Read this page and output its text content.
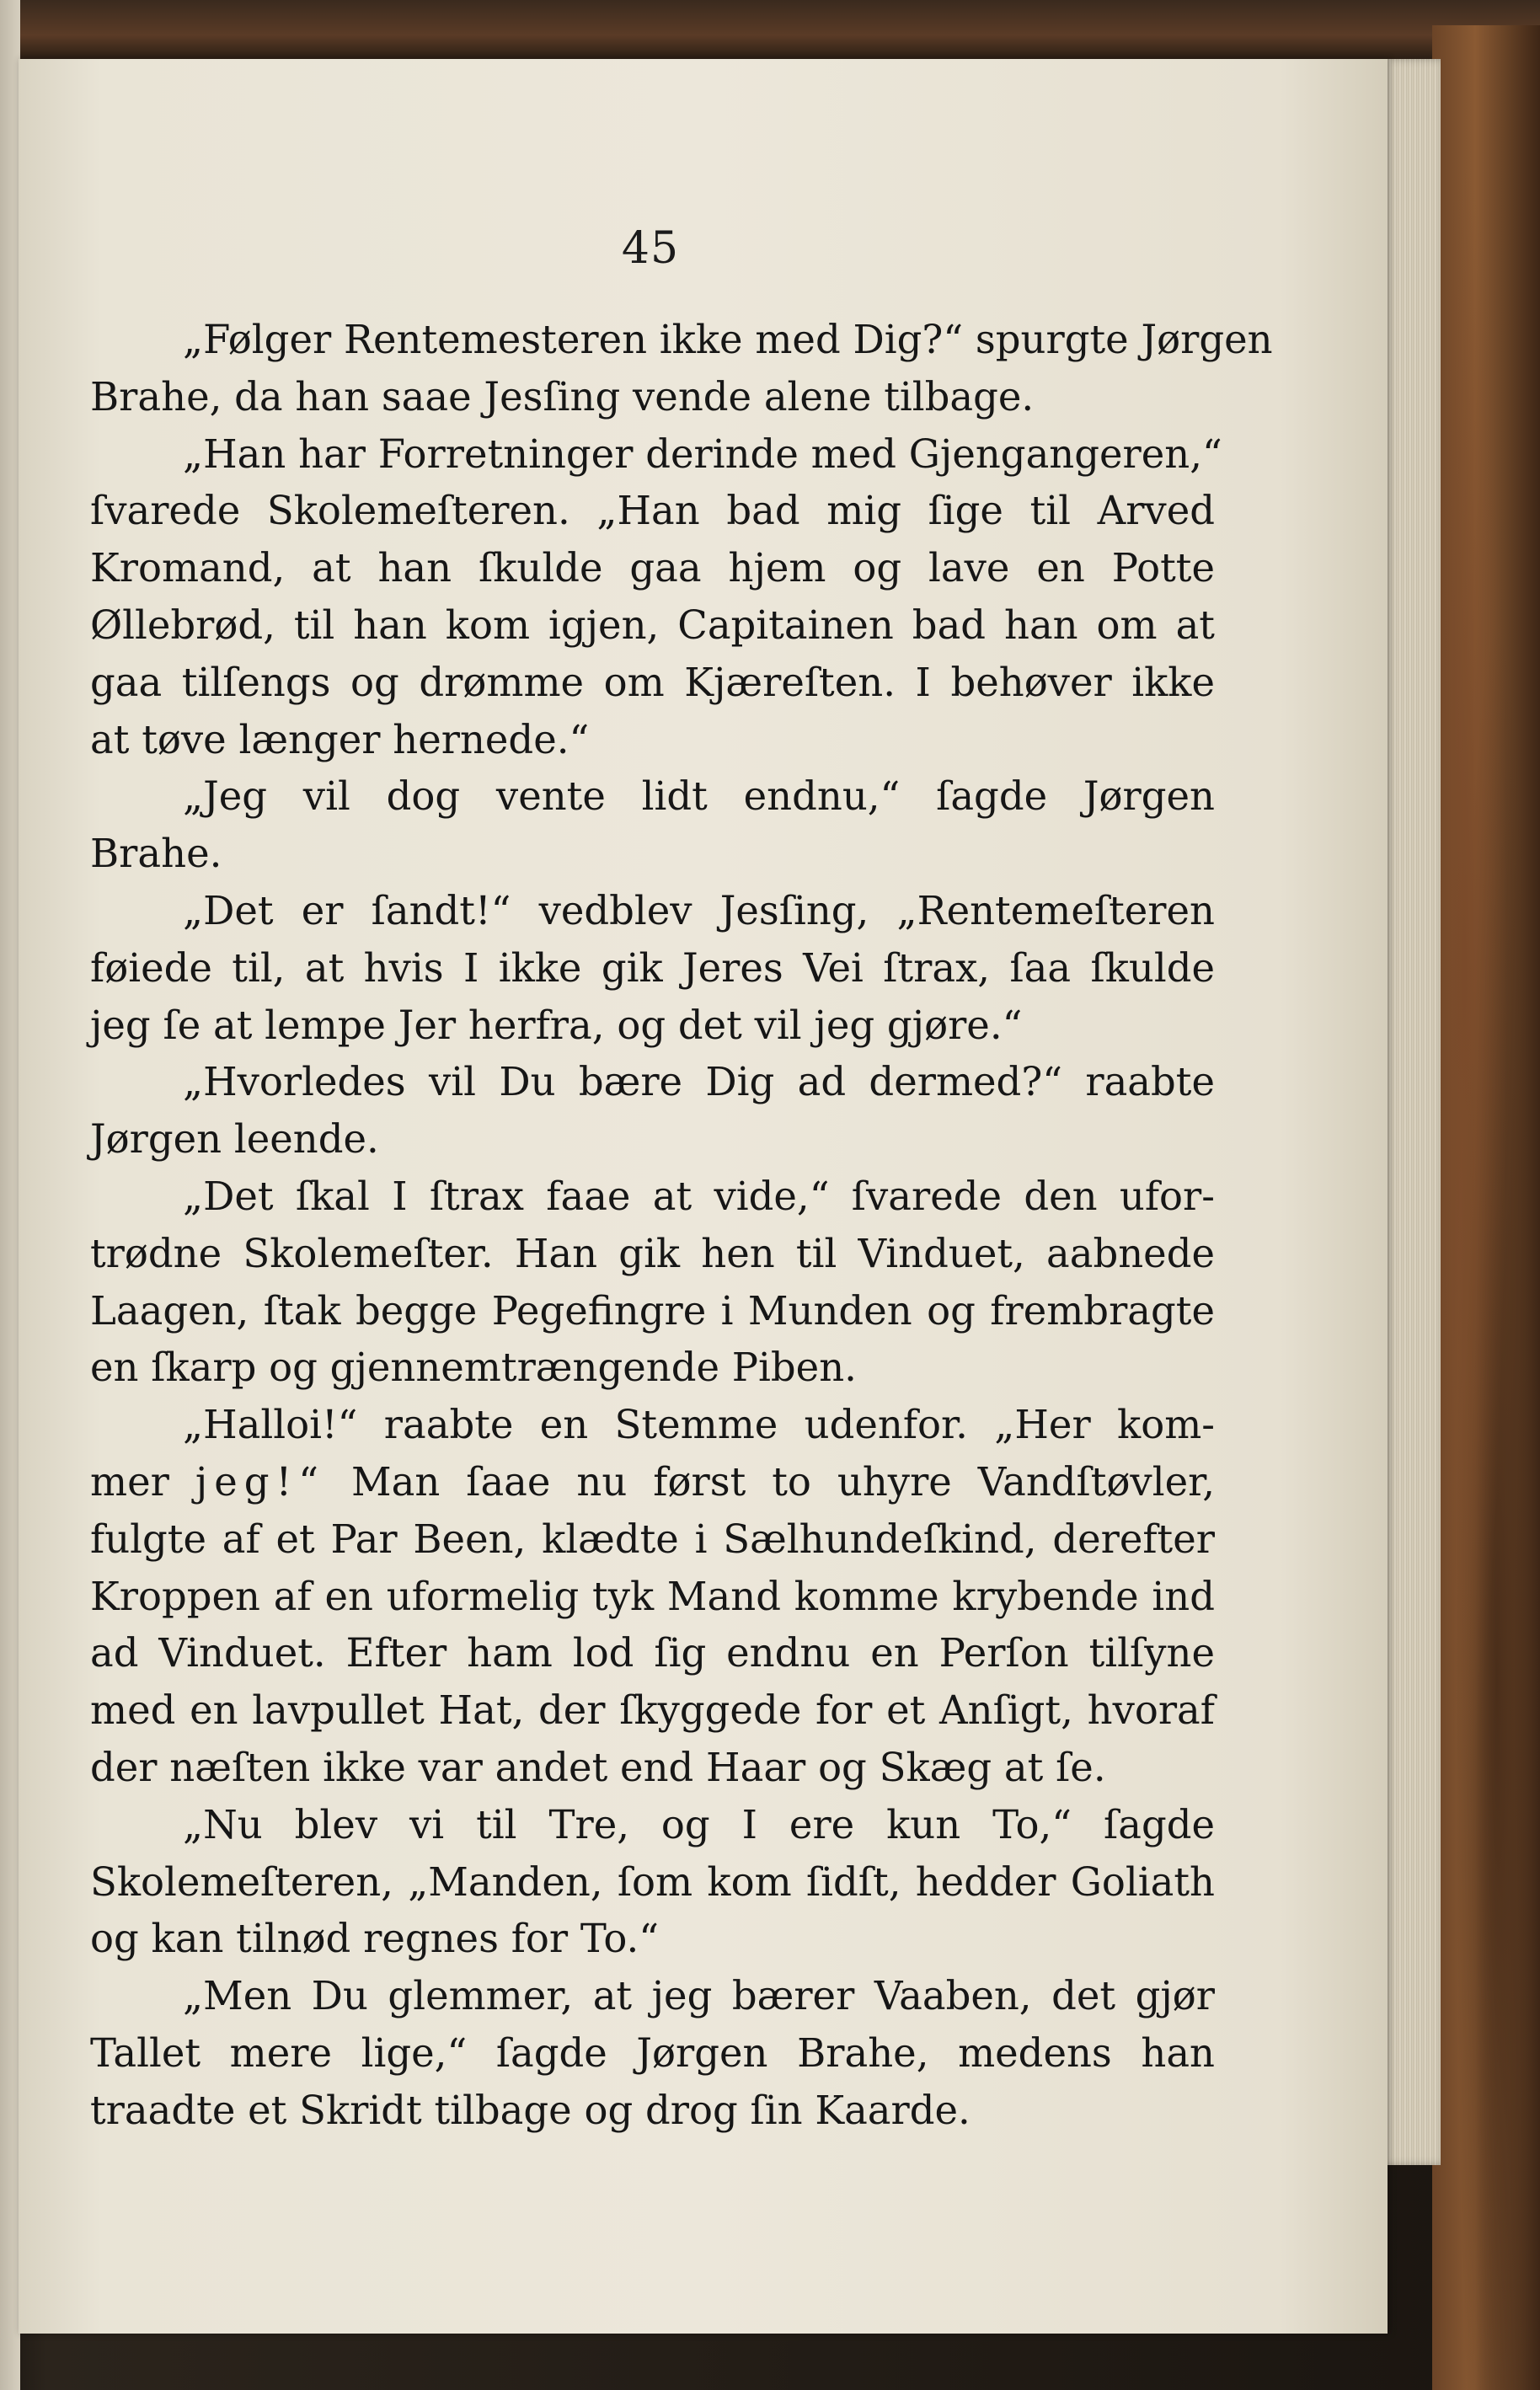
45
„Følger Rentemesteren ikke med Dig?“ spurgte Jørgen
Brahe, da han saae Jesſing vende alene tilbage.
„Han har Forretninger derinde med Gjengangeren,“
ſvarede Skolemeſteren. „Han bad mig ſige til Arved
Kromand, at han ſkulde gaa hjem og lave en Potte
Øllebrød, til han kom igjen, Capitainen bad han om at
gaa tilſengs og drømme om Kjæreſten. I behøver ikke
at tøve længer hernede.“
„Jeg vil dog vente lidt endnu,“ ſagde Jørgen
Brahe.
„Det er ſandt!“ vedblev Jesſing, „Rentemeſteren
føiede til, at hvis I ikke gik Jeres Vei ſtrax, ſaa ſkulde
jeg ſe at lempe Jer herfra, og det vil jeg gjøre.“
„Hvorledes vil Du bære Dig ad dermed?“ raabte
Jørgen leende.
„Det ſkal I ſtrax faae at vide,“ ſvarede den ufor-
trødne Skolemeſter. Han gik hen til Vinduet, aabnede
Laagen, ſtak begge Pegefingre i Munden og frembragte
en ſkarp og gjennemtrængende Piben.
„Halloi!“ raabte en Stemme udenfor. „Her kom-
mer jeg!“ Man ſaae nu først to uhyre Vandſtøvler,
fulgte af et Par Been, klædte i Sælhundeſkind, derefter
Kroppen af en uformelig tyk Mand komme krybende ind
ad Vinduet. Efter ham lod ſig endnu en Perſon tilſyne
med en lavpullet Hat, der ſkyggede for et Anſigt, hvoraf
der næſten ikke var andet end Haar og Skæg at ſe.
„Nu blev vi til Tre, og I ere kun To,“ ſagde
Skolemeſteren, „Manden, ſom kom ſidſt, hedder Goliath
og kan tilnød regnes for To.“
„Men Du glemmer, at jeg bærer Vaaben, det gjør
Tallet mere lige,“ ſagde Jørgen Brahe, medens han
traadte et Skridt tilbage og drog ſin Kaarde.
